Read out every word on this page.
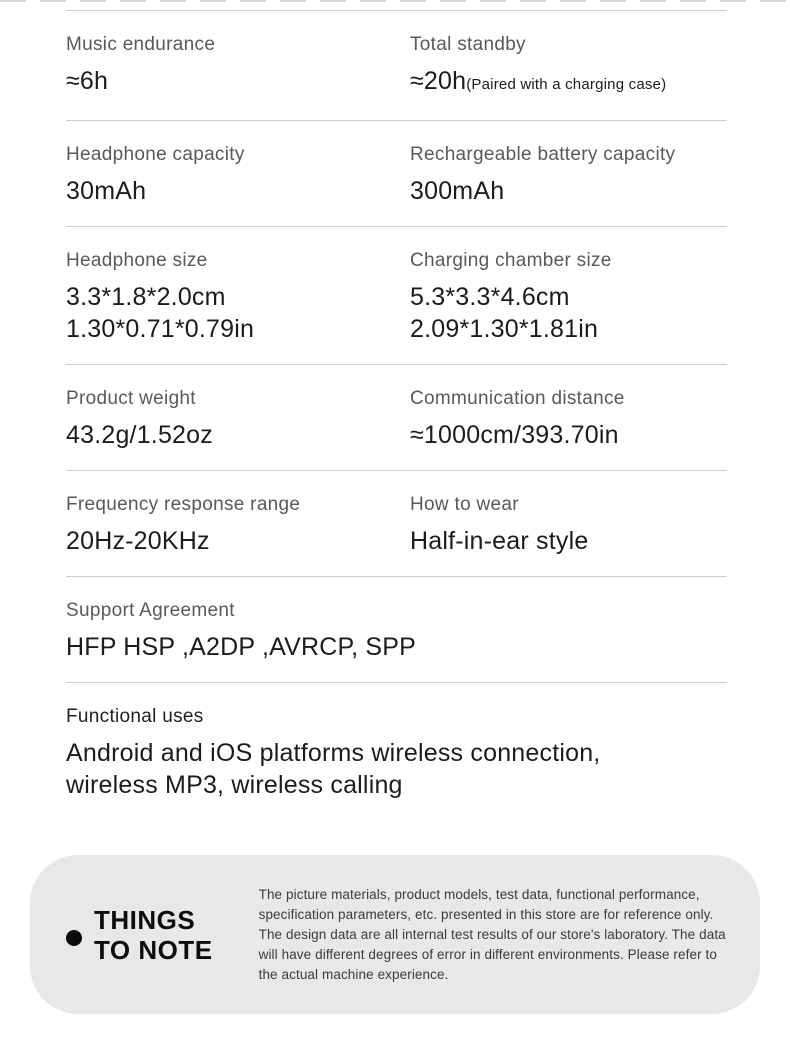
Music endurance
≈6h
Total standby
≈20h(Paired with a charging case)
Headphone capacity
30mAh
Rechargeable battery capacity
300mAh
Headphone size
3.3*1.8*2.0cm
1.30*0.71*0.79in
Charging chamber size
5.3*3.3*4.6cm
2.09*1.30*1.81in
Product weight
43.2g/1.52oz
Communication distance
≈1000cm/393.70in
Frequency response range
20Hz-20KHz
How to wear
Half-in-ear style
Support Agreement
HFP HSP ,A2DP ,AVRCP, SPP
Functional uses
Android and iOS platforms wireless connection,
wireless MP3, wireless calling
THINGS
TO NOTE

The picture materials, product models, test data, functional performance, specification parameters, etc. presented in this store are for reference only. The design data are all internal test results of our store's laboratory. The data will have different degrees of error in different environments. Please refer to the actual machine experience.
